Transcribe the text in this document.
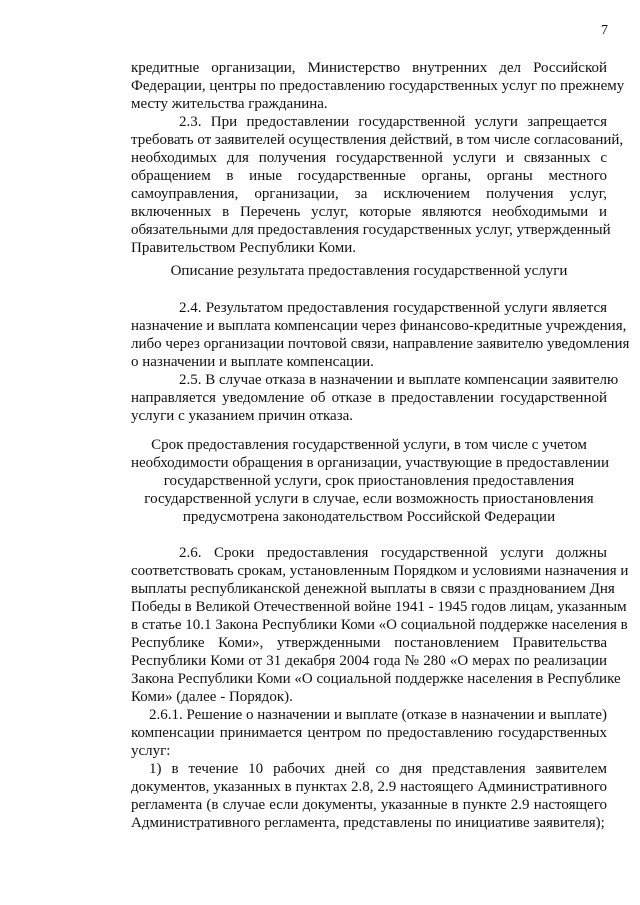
7
кредитные организации, Министерство внутренних дел Российской
Федерации, центры по предоставлению государственных услуг по прежнему
месту жительства гражданина.
2.3. При предоставлении государственной услуги запрещается
требовать от заявителей осуществления действий, в том числе согласований,
необходимых для получения государственной услуги и связанных с
обращением в иные государственные органы, органы местного
самоуправления, организации, за исключением получения услуг,
включенных в Перечень услуг, которые являются необходимыми и
обязательными для предоставления государственных услуг, утвержденный
Правительством Республики Коми.
Описание результата предоставления государственной услуги
2.4. Результатом предоставления государственной услуги является
назначение и выплата компенсации через финансово-кредитные учреждения,
либо через организации почтовой связи, направление заявителю уведомления
о назначении и выплате компенсации.
2.5. В случае отказа в назначении и выплате компенсации заявителю
направляется уведомление об отказе в предоставлении государственной
услуги с указанием причин отказа.
Срок предоставления государственной услуги, в том числе с учетом
необходимости обращения в организации, участвующие в предоставлении
государственной услуги, срок приостановления предоставления
государственной услуги в случае, если возможность приостановления
предусмотрена законодательством Российской Федерации
2.6. Сроки предоставления государственной услуги должны
соответствовать срокам, установленным Порядком и условиями назначения и
выплаты республиканской денежной выплаты в связи с празднованием Дня
Победы в Великой Отечественной войне 1941 - 1945 годов лицам, указанным
в статье 10.1 Закона Республики Коми «О социальной поддержке населения в
Республике Коми», утвержденными постановлением Правительства
Республики Коми от 31 декабря 2004 года № 280 «О мерах по реализации
Закона Республики Коми «О социальной поддержке населения в Республике
Коми» (далее - Порядок).
2.6.1. Решение о назначении и выплате (отказе в назначении и выплате)
компенсации принимается центром по предоставлению государственных
услуг:
1) в течение 10 рабочих дней со дня представления заявителем
документов, указанных в пунктах 2.8, 2.9 настоящего Административного
регламента (в случае если документы, указанные в пункте 2.9 настоящего
Административного регламента, представлены по инициативе заявителя);
